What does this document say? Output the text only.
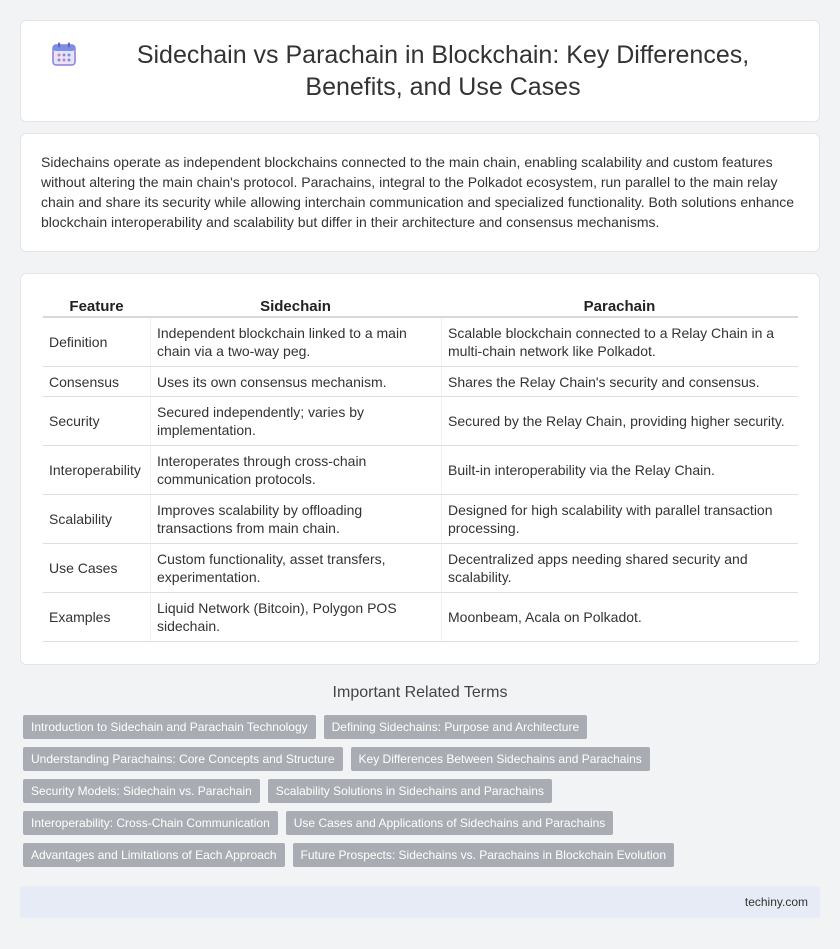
Sidechain vs Parachain in Blockchain: Key Differences, Benefits, and Use Cases

Sidechains operate as independent blockchains connected to the main chain, enabling scalability and custom features without altering the main chain's protocol. Parachains, integral to the Polkadot ecosystem, run parallel to the main relay chain and share its security while allowing interchain communication and specialized functionality. Both solutions enhance blockchain interoperability and scalability but differ in their architecture and consensus mechanisms.

Feature	Sidechain	Parachain
Definition	Independent blockchain linked to a main chain via a two-way peg.	Scalable blockchain connected to a Relay Chain in a multi-chain network like Polkadot.
Consensus	Uses its own consensus mechanism.	Shares the Relay Chain's security and consensus.
Security	Secured independently; varies by implementation.	Secured by the Relay Chain, providing higher security.
Interoperability	Interoperates through cross-chain communication protocols.	Built-in interoperability via the Relay Chain.
Scalability	Improves scalability by offloading transactions from main chain.	Designed for high scalability with parallel transaction processing.
Use Cases	Custom functionality, asset transfers, experimentation.	Decentralized apps needing shared security and scalability.
Examples	Liquid Network (Bitcoin), Polygon POS sidechain.	Moonbeam, Acala on Polkadot.
Important Related Terms
Introduction to Sidechain and Parachain Technology	Defining Sidechains: Purpose and Architecture
Understanding Parachains: Core Concepts and Structure	Key Differences Between Sidechains and Parachains
Security Models: Sidechain vs. Parachain	Scalability Solutions in Sidechains and Parachains
Interoperability: Cross-Chain Communication	Use Cases and Applications of Sidechains and Parachains
Advantages and Limitations of Each Approach	Future Prospects: Sidechains vs. Parachains in Blockchain Evolution
techiny.com
